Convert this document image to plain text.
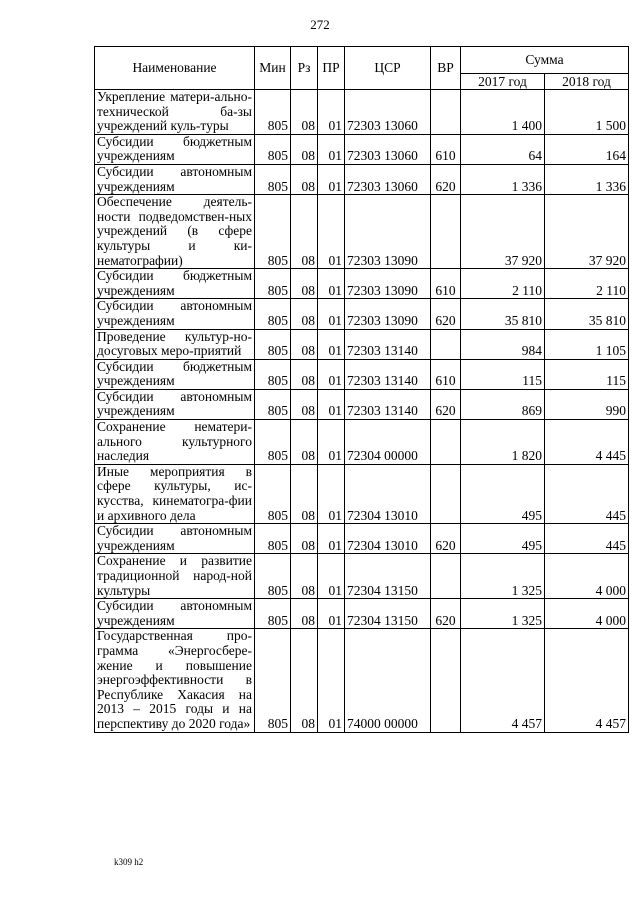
272
Наименование	Мин	Рз	ПР	ЦСР	ВР	Сумма	
						2017 год	2018 год
Укрепление матери-ально-технической ба-зы учреждений куль-туры	805	08	01	72303 13060		1 400	1 500
Субсидии бюджетным учреждениям	805	08	01	72303 13060	610	64	164
Субсидии автономным учреждениям	805	08	01	72303 13060	620	1 336	1 336
Обеспечение деятель-ности подведомствен-ных учреждений (в сфере культуры и ки-нематографии)	805	08	01	72303 13090		37 920	37 920
Субсидии бюджетным учреждениям	805	08	01	72303 13090	610	2 110	2 110
Субсидии автономным учреждениям	805	08	01	72303 13090	620	35 810	35 810
Проведение культур-но-досуговых меро-приятий	805	08	01	72303 13140		984	1 105
Субсидии бюджетным учреждениям	805	08	01	72303 13140	610	115	115
Субсидии автономным учреждениям	805	08	01	72303 13140	620	869	990
Сохранение нематери-ального культурного наследия	805	08	01	72304 00000		1 820	4 445
Иные мероприятия в сфере культуры, ис-кусства, кинематогра-фии и архивного дела	805	08	01	72304 13010		495	445
Субсидии автономным учреждениям	805	08	01	72304 13010	620	495	445
Сохранение и развитие традиционной народ-ной культуры	805	08	01	72304 13150		1 325	4 000
Субсидии автономным учреждениям	805	08	01	72304 13150	620	1 325	4 000
Государственная про-грамма «Энергосбере-жение и повышение энергоэффективности в Республике Хакасия на 2013 – 2015 годы и на перспективу до 2020 года»	805	08	01	74000 00000		4 457	4 457
k309 h2
